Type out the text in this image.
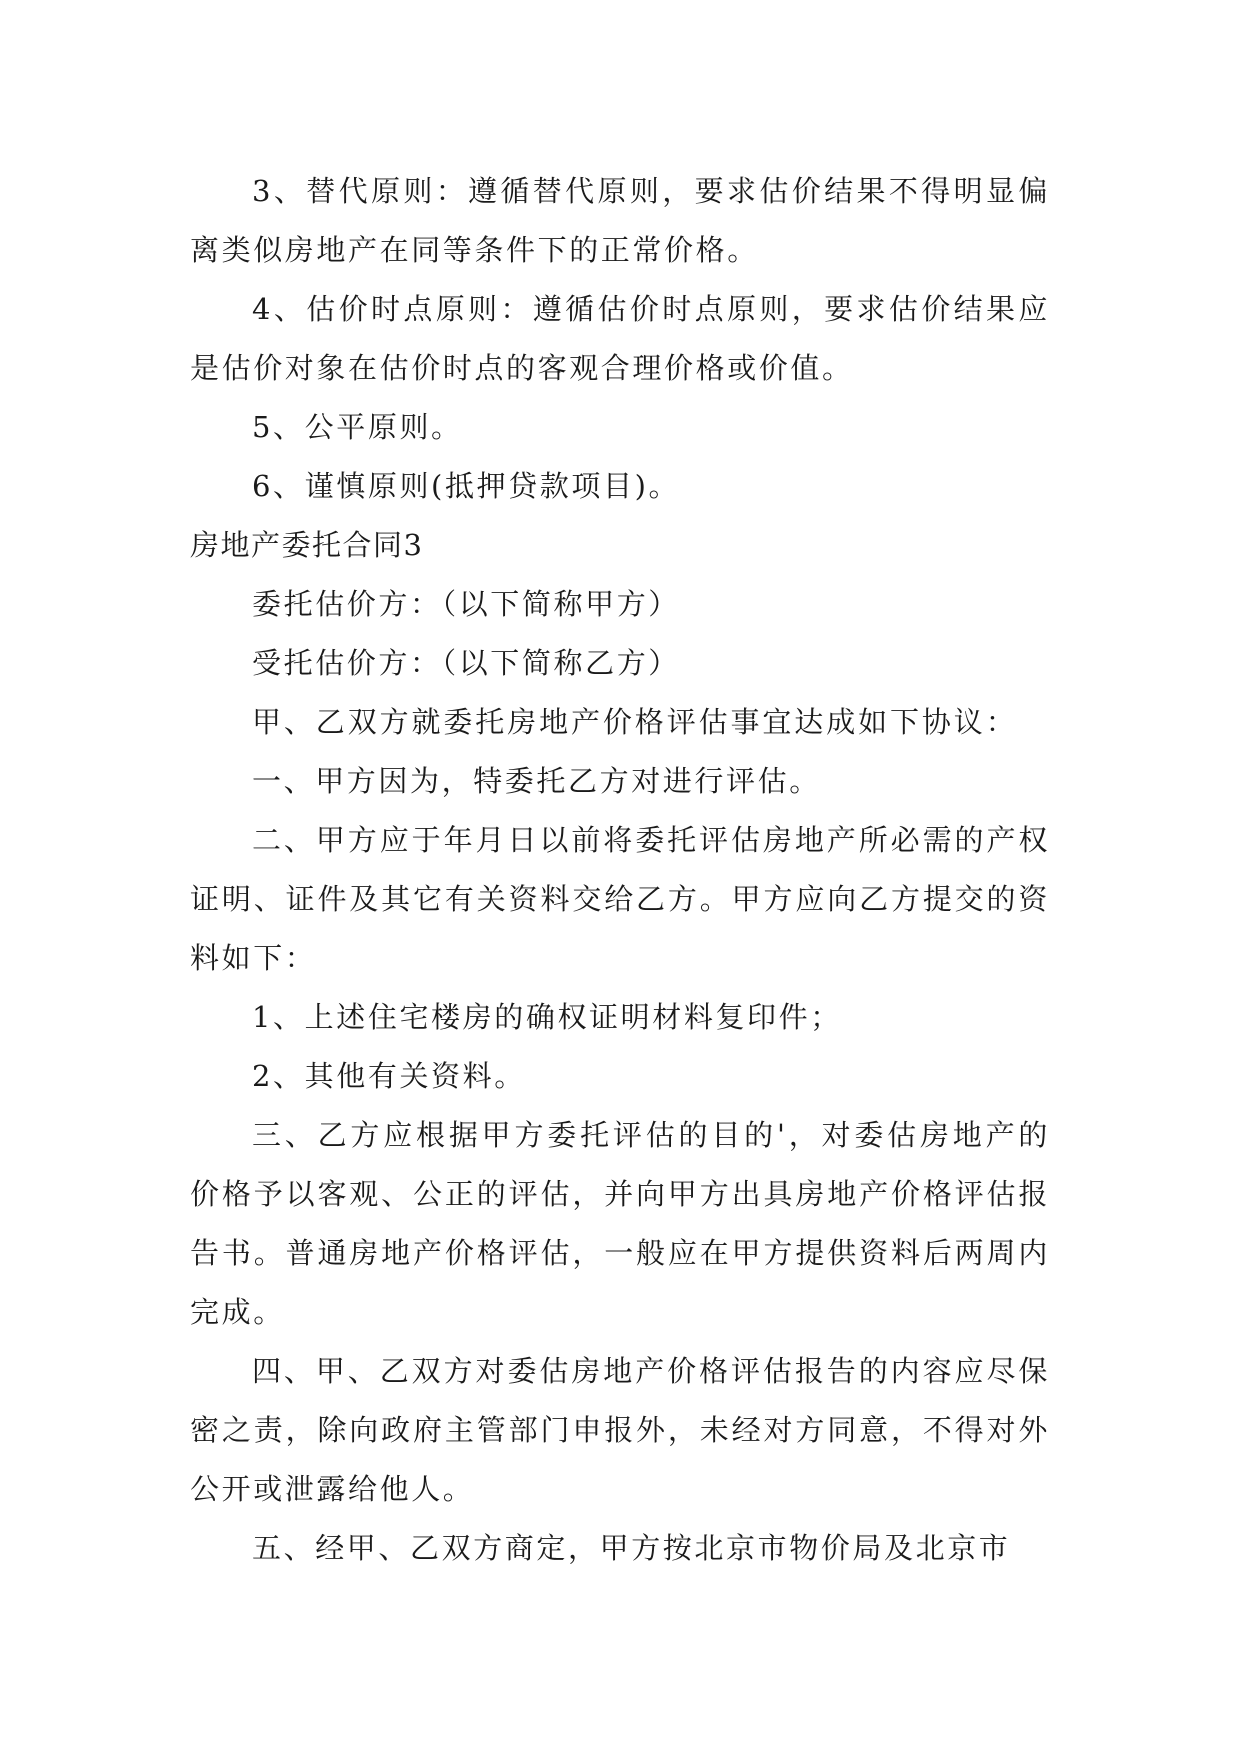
3、替代原则：遵循替代原则，要求估价结果不得明显偏离类似房地产在同等条件下的正常价格。

4、估价时点原则：遵循估价时点原则，要求估价结果应是估价对象在估价时点的客观合理价格或价值。

5、公平原则。

6、谨慎原则(抵押贷款项目)。

房地产委托合同3

委托估价方：（以下简称甲方）

受托估价方：（以下简称乙方）

甲、乙双方就委托房地产价格评估事宜达成如下协议：

一、甲方因为，特委托乙方对进行评估。

二、甲方应于年月日以前将委托评估房地产所必需的产权证明、证件及其它有关资料交给乙方。甲方应向乙方提交的资料如下：

1、上述住宅楼房的确权证明材料复印件；

2、其他有关资料。

三、乙方应根据甲方委托评估的目的'，对委估房地产的价格予以客观、公正的评估，并向甲方出具房地产价格评估报告书。普通房地产价格评估，一般应在甲方提供资料后两周内完成。

四、甲、乙双方对委估房地产价格评估报告的内容应尽保密之责，除向政府主管部门申报外，未经对方同意，不得对外公开或泄露给他人。

五、经甲、乙双方商定，甲方按北京市物价局及北京市
